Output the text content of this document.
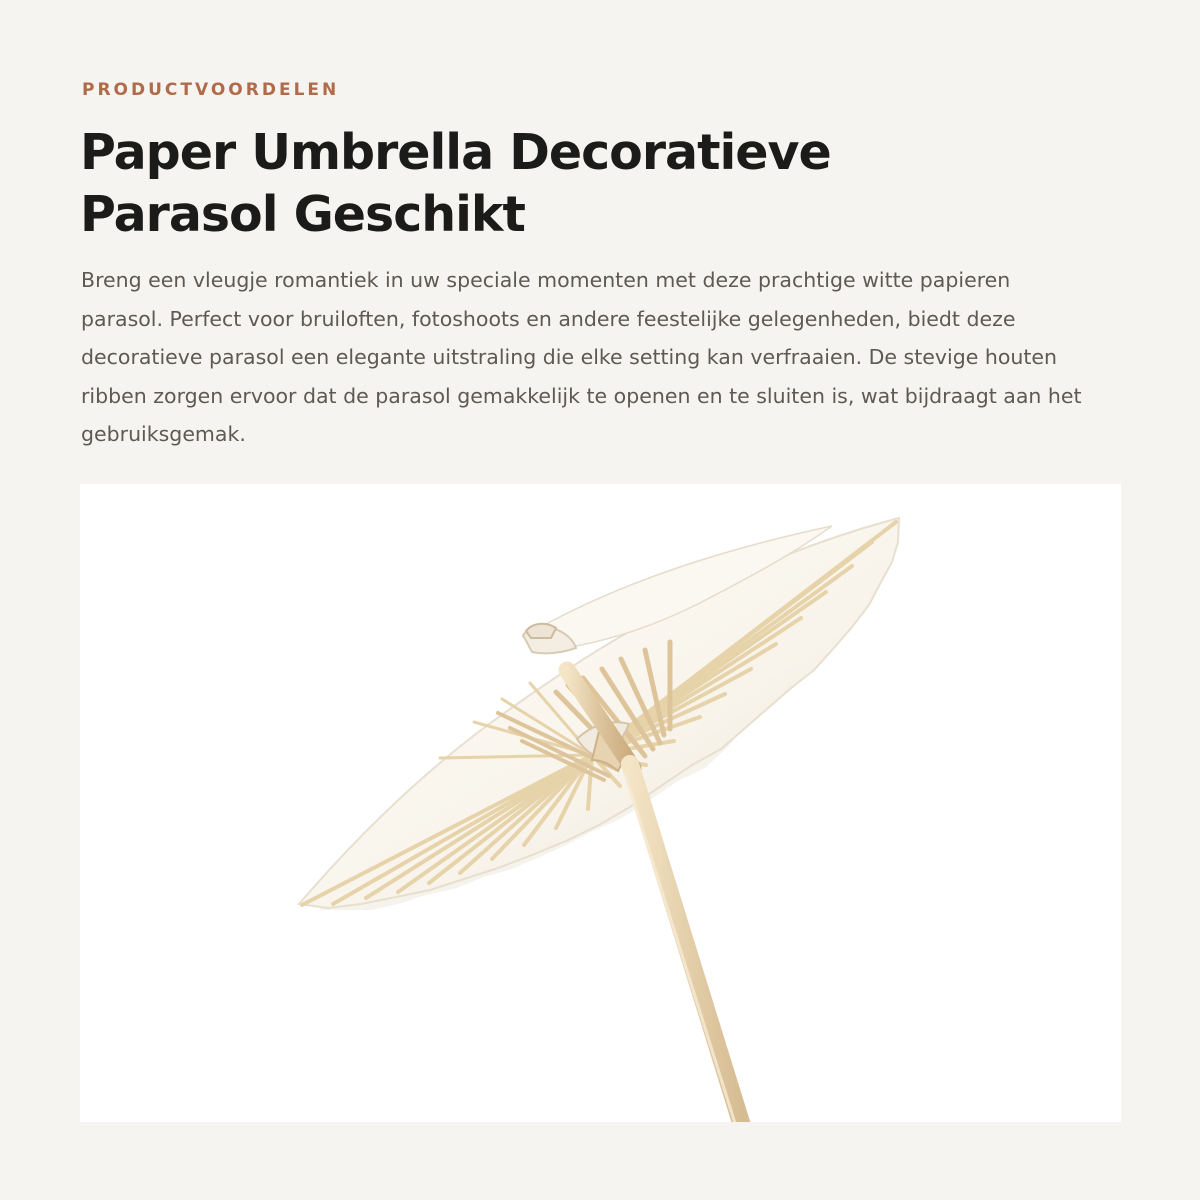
PRODUCTVOORDELEN
Paper Umbrella Decoratieve
Parasol Geschikt

Breng een vleugje romantiek in uw speciale momenten met deze prachtige witte papieren parasol. Perfect voor bruiloften, fotoshoots en andere feestelijke gelegenheden, biedt deze decoratieve parasol een elegante uitstraling die elke setting kan verfraaien. De stevige houten ribben zorgen ervoor dat de parasol gemakkelijk te openen en te sluiten is, wat bijdraagt aan het gebruiksgemak.
